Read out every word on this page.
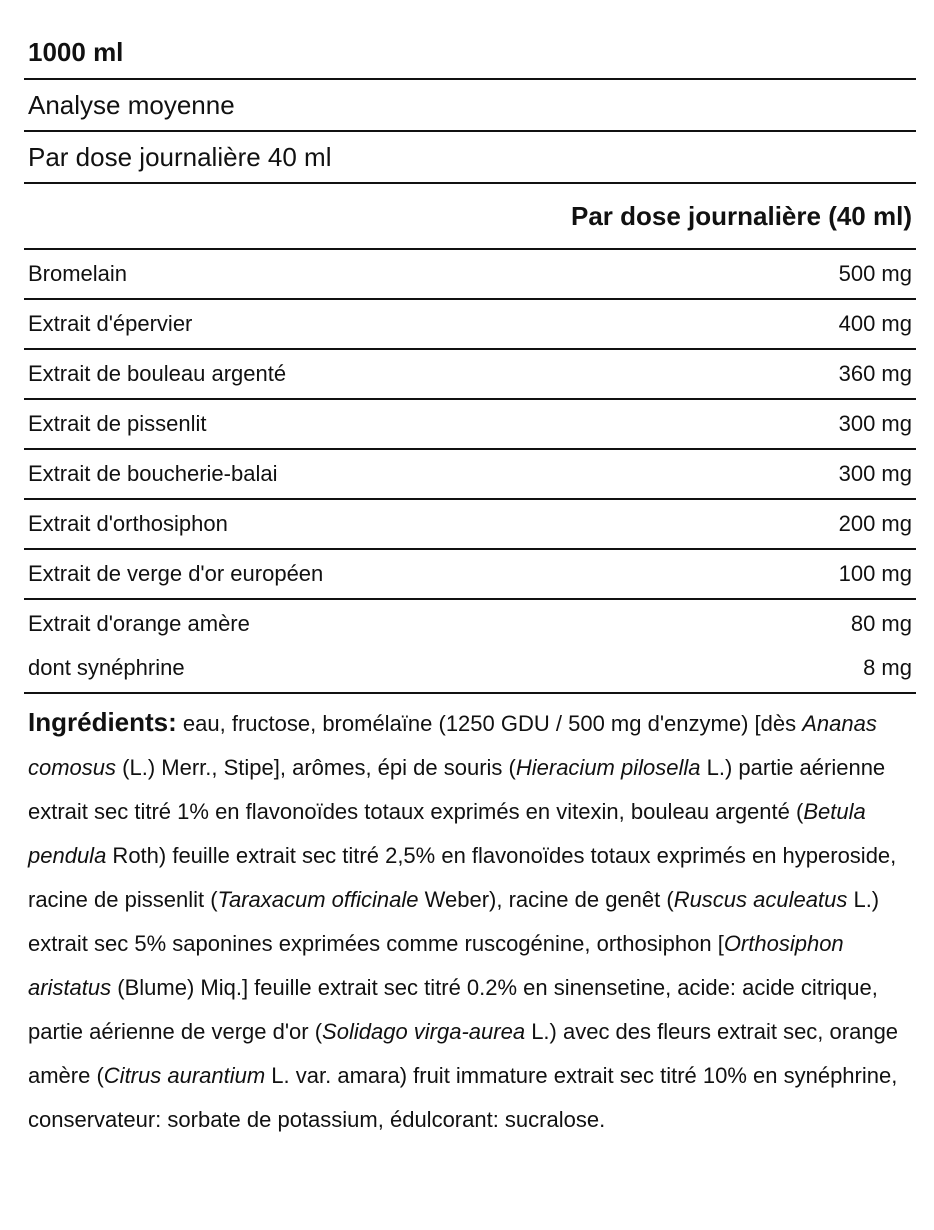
1000 ml
Analyse moyenne
Par dose journalière 40 ml
Par dose journalière (40 ml)
Bromelain	500 mg
Extrait d'épervier	400 mg
Extrait de bouleau argenté	360 mg
Extrait de pissenlit	300 mg
Extrait de boucherie-balai	300 mg
Extrait d'orthosiphon	200 mg
Extrait de verge d'or européen	100 mg
Extrait d'orange amère	80 mg
dont synéphrine	8 mg
Ingrédients: eau, fructose, bromélaïne (1250 GDU / 500 mg d'enzyme) [dès Ananas comosus (L.) Merr., Stipe], arômes, épi de souris (Hieracium pilosella L.) partie aérienne extrait sec titré 1% en flavonoïdes totaux exprimés en vitexin, bouleau argenté (Betula pendula Roth) feuille extrait sec titré 2,5% en flavonoïdes totaux exprimés en hyperoside, racine de pissenlit (Taraxacum officinale Weber), racine de genêt (Ruscus aculeatus L.) extrait sec 5% saponines exprimées comme ruscogénine, orthosiphon [Orthosiphon aristatus (Blume) Miq.] feuille extrait sec titré 0.2% en sinensetine, acide: acide citrique, partie aérienne de verge d'or (Solidago virga-aurea L.) avec des fleurs extrait sec, orange amère (Citrus aurantium L. var. amara) fruit immature extrait sec titré 10% en synéphrine, conservateur: sorbate de potassium, édulcorant: sucralose.
